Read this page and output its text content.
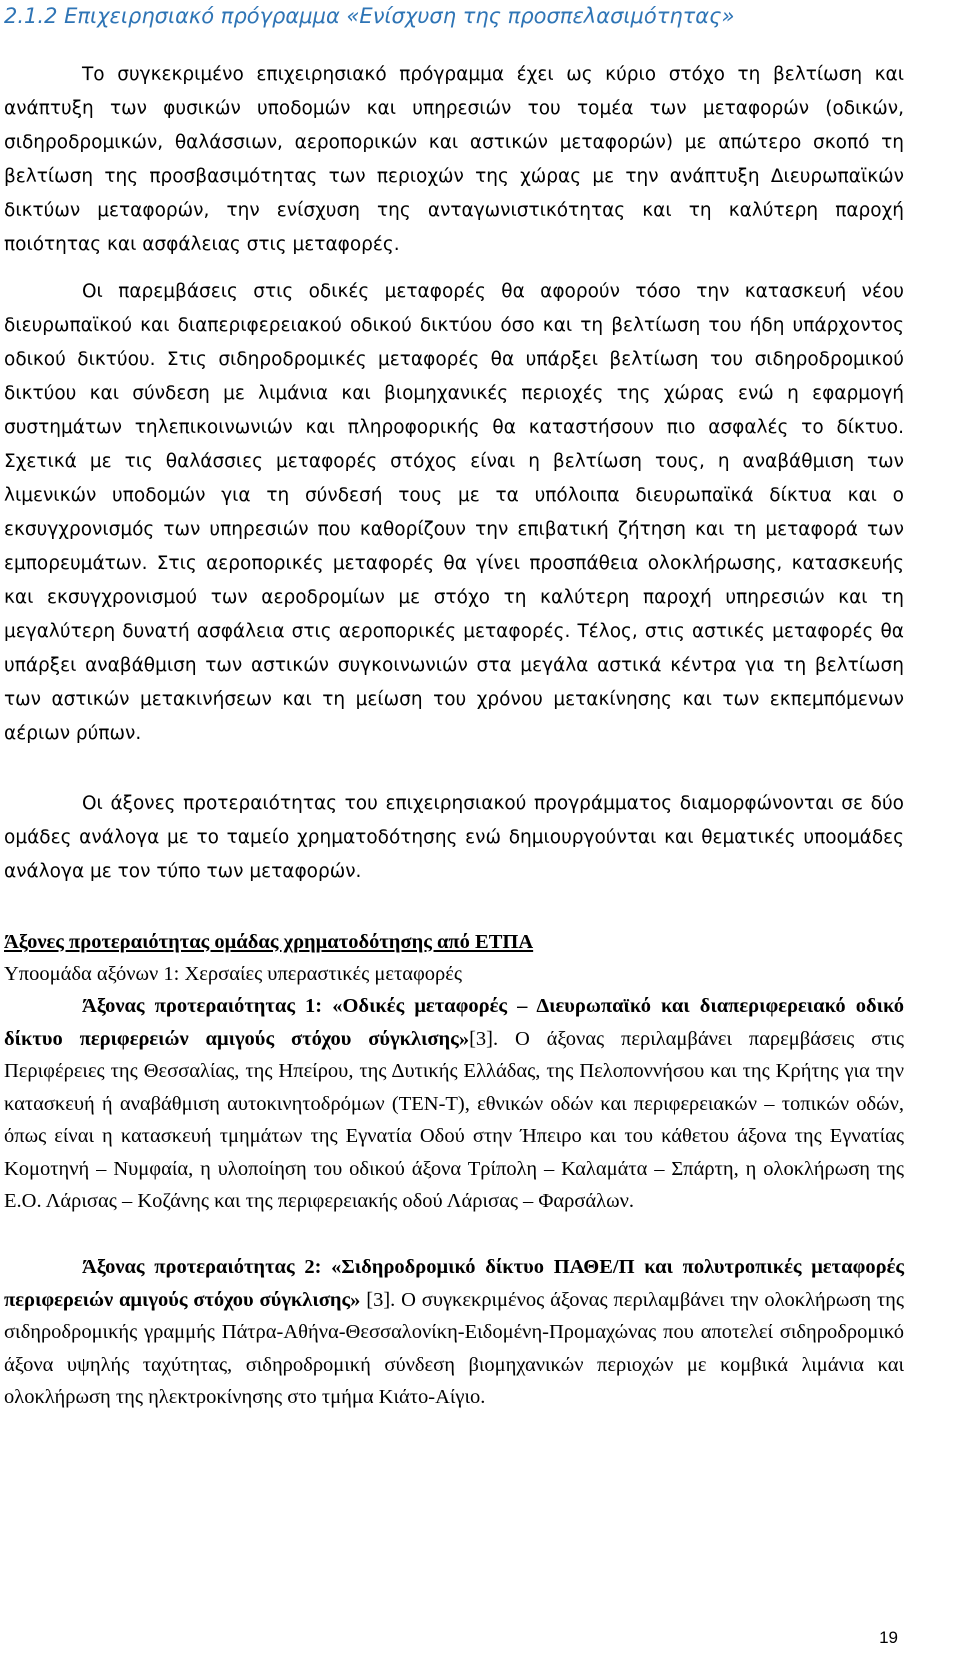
2.1.2 Επιχειρησιακό πρόγραμμα «Ενίσχυση της προσπελασιμότητας»

Το συγκεκριμένο επιχειρησιακό πρόγραμμα έχει ως κύριο στόχο τη βελτίωση και ανάπτυξη των φυσικών υποδομών και υπηρεσιών του τομέα των μεταφορών (οδικών, σιδηροδρομικών, θαλάσσιων, αεροπορικών και αστικών μεταφορών) με απώτερο σκοπό τη βελτίωση της προσβασιμότητας των περιοχών της χώρας με την ανάπτυξη Διευρωπαϊκών δικτύων μεταφορών, την ενίσχυση της ανταγωνιστικότητας και τη καλύτερη παροχή ποιότητας και ασφάλειας στις μεταφορές.

Οι παρεμβάσεις στις οδικές μεταφορές θα αφορούν τόσο την κατασκευή νέου διευρωπαϊκού και διαπεριφερειακού οδικού δικτύου όσο και τη βελτίωση του ήδη υπάρχοντος οδικού δικτύου. Στις σιδηροδρομικές μεταφορές θα υπάρξει βελτίωση του σιδηροδρομικού δικτύου και σύνδεση με λιμάνια και βιομηχανικές περιοχές της χώρας ενώ η εφαρμογή συστημάτων τηλεπικοινωνιών και πληροφορικής θα καταστήσουν πιο ασφαλές το δίκτυο. Σχετικά με τις θαλάσσιες μεταφορές στόχος είναι η βελτίωση τους, η αναβάθμιση των λιμενικών υποδομών για τη σύνδεσή τους με τα υπόλοιπα διευρωπαϊκά δίκτυα και ο εκσυγχρονισμός των υπηρεσιών που καθορίζουν την επιβατική ζήτηση και τη μεταφορά των εμπορευμάτων. Στις αεροπορικές μεταφορές θα γίνει προσπάθεια ολοκλήρωσης, κατασκευής και εκσυγχρονισμού των αεροδρομίων με στόχο τη καλύτερη παροχή υπηρεσιών και τη μεγαλύτερη δυνατή ασφάλεια στις αεροπορικές μεταφορές. Τέλος, στις αστικές μεταφορές θα υπάρξει αναβάθμιση των αστικών συγκοινωνιών στα μεγάλα αστικά κέντρα για τη βελτίωση των αστικών μετακινήσεων και τη μείωση του χρόνου μετακίνησης και των εκπεμπόμενων αέριων ρύπων.

Οι άξονες προτεραιότητας του επιχειρησιακού προγράμματος διαμορφώνονται σε δύο ομάδες ανάλογα με το ταμείο χρηματοδότησης ενώ δημιουργούνται και θεματικές υποομάδες ανάλογα με τον τύπο των μεταφορών.

Άξονες προτεραιότητας ομάδας χρηματοδότησης από ΕΤΠΑ
Υποομάδα αξόνων 1: Χερσαίες υπεραστικές μεταφορές

Άξονας προτεραιότητας 1: «Οδικές μεταφορές – Διευρωπαϊκό και διαπεριφερειακό οδικό δίκτυο περιφερειών αμιγούς στόχου σύγκλισης»[3]. Ο άξονας περιλαμβάνει παρεμβάσεις στις Περιφέρειες της Θεσσαλίας, της Ηπείρου, της Δυτικής Ελλάδας, της Πελοποννήσου και της Κρήτης για την κατασκευή ή αναβάθμιση αυτοκινητοδρόμων (TEN-T), εθνικών οδών και περιφερειακών – τοπικών οδών, όπως είναι η κατασκευή τμημάτων της Εγνατία Οδού στην Ήπειρο και του κάθετου άξονα της Εγνατίας Κομοτηνή – Νυμφαία, η υλοποίηση του οδικού άξονα Τρίπολη – Καλαμάτα – Σπάρτη, η ολοκλήρωση της Ε.Ο. Λάρισας – Κοζάνης και της περιφερειακής οδού Λάρισας – Φαρσάλων.

Άξονας προτεραιότητας 2: «Σιδηροδρομικό δίκτυο ΠΑΘΕ/Π και πολυτροπικές μεταφορές περιφερειών αμιγούς στόχου σύγκλισης» [3]. Ο συγκεκριμένος άξονας περιλαμβάνει την ολοκλήρωση της σιδηροδρομικής γραμμής Πάτρα-Αθήνα-Θεσσαλονίκη-Ειδομένη-Προμαχώνας που αποτελεί σιδηροδρομικό άξονα υψηλής ταχύτητας, σιδηροδρομική σύνδεση βιομηχανικών περιοχών με κομβικά λιμάνια και ολοκλήρωση της ηλεκτροκίνησης στο τμήμα Κιάτο-Αίγιο.

19
